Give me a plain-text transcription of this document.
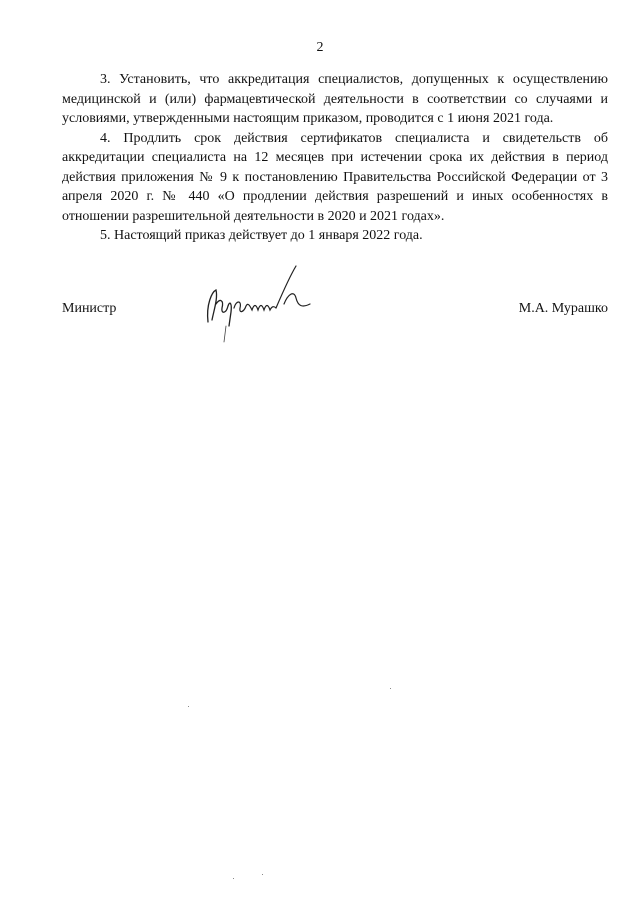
2

3. Установить, что аккредитация специалистов, допущенных к осуществлению медицинской и (или) фармацевтической деятельности в соответствии со случаями и условиями, утвержденными настоящим приказом, проводится с 1 июня 2021 года.

4. Продлить срок действия сертификатов специалиста и свидетельств об аккредитации специалиста на 12 месяцев при истечении срока их действия в период действия приложения № 9 к постановлению Правительства Российской Федерации от 3 апреля 2020 г. № 440 «О продлении действия разрешений и иных особенностях в отношении разрешительной деятельности в 2020 и 2021 годах».

5. Настоящий приказ действует до 1 января 2022 года.

Министр	М.А. Мурашко
